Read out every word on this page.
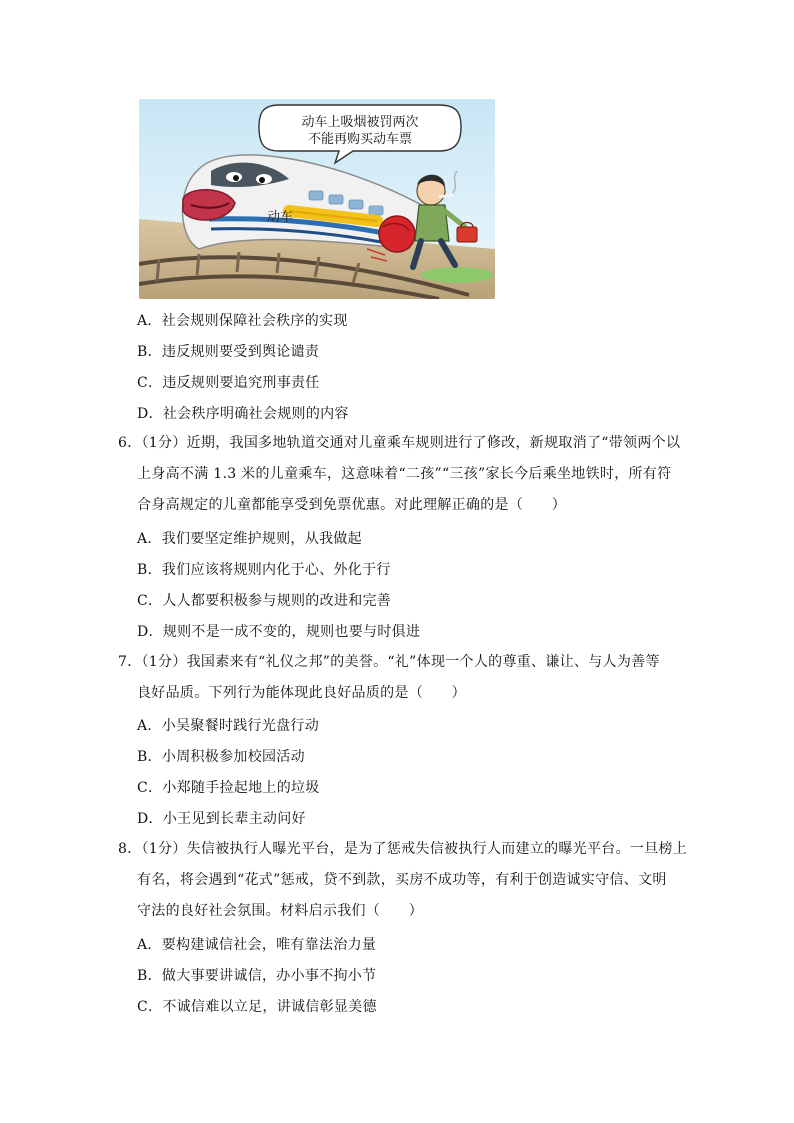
动车上吸烟被罚两次
不能再购买动车票
动车
A．社会规则保障社会秩序的实现
B．违反规则要受到舆论谴责
C．违反规则要追究刑事责任
D．社会秩序明确社会规则的内容
6．（1分）近期，我国多地轨道交通对儿童乘车规则进行了修改，新规取消了“带领两个以
上身高不满 1.3 米的儿童乘车，这意味着“二孩”“三孩”家长今后乘坐地铁时，所有符
合身高规定的儿童都能享受到免票优惠。对此理解正确的是（　　）
A．我们要坚定维护规则，从我做起
B．我们应该将规则内化于心、外化于行
C．人人都要积极参与规则的改进和完善
D．规则不是一成不变的，规则也要与时俱进
7．（1分）我国素来有“礼仪之邦”的美誉。“礼”体现一个人的尊重、谦让、与人为善等
良好品质。下列行为能体现此良好品质的是（　　）
A．小吴聚餐时践行光盘行动
B．小周积极参加校园活动
C．小郑随手捡起地上的垃圾
D．小王见到长辈主动问好
8．（1分）失信被执行人曝光平台，是为了惩戒失信被执行人而建立的曝光平台。一旦榜上
有名，将会遇到“花式”惩戒，贷不到款，买房不成功等，有利于创造诚实守信、文明
守法的良好社会氛围。材料启示我们（　　）
A．要构建诚信社会，唯有靠法治力量
B．做大事要讲诚信，办小事不拘小节
C．不诚信难以立足，讲诚信彰显美德
